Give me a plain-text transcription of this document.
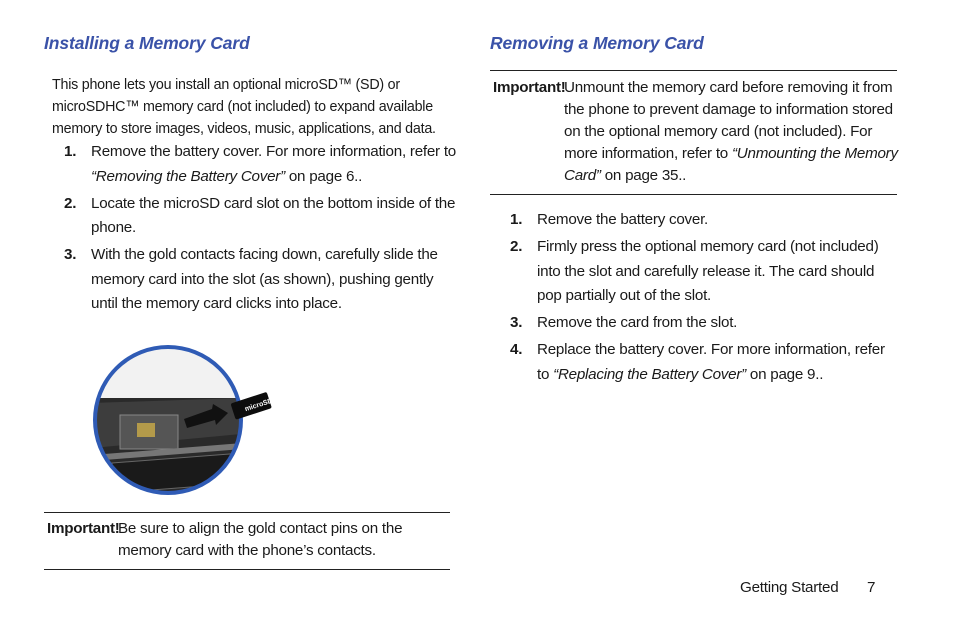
Installing a Memory Card
This phone lets you install an optional microSD™ (SD) or microSDHC™ memory card (not included) to expand available memory to store images, videos, music, applications, and data.
1. Remove the battery cover. For more information, refer to “Removing the Battery Cover” on page 6..
2. Locate the microSD card slot on the bottom inside of the phone.
3. With the gold contacts facing down, carefully slide the memory card into the slot (as shown), pushing gently until the memory card clicks into place.
microSD
Important!
Be sure to align the gold contact pins on the memory card with the phone’s contacts.
Removing a Memory Card
Important!
Unmount the memory card before removing it from the phone to prevent damage to information stored on the optional memory card (not included). For more information, refer to “Unmounting the Memory Card” on page 35..
1. Remove the battery cover.
2. Firmly press the optional memory card (not included) into the slot and carefully release it. The card should pop partially out of the slot.
3. Remove the card from the slot.
4. Replace the battery cover. For more information, refer to “Replacing the Battery Cover” on page 9..
Getting Started 7
